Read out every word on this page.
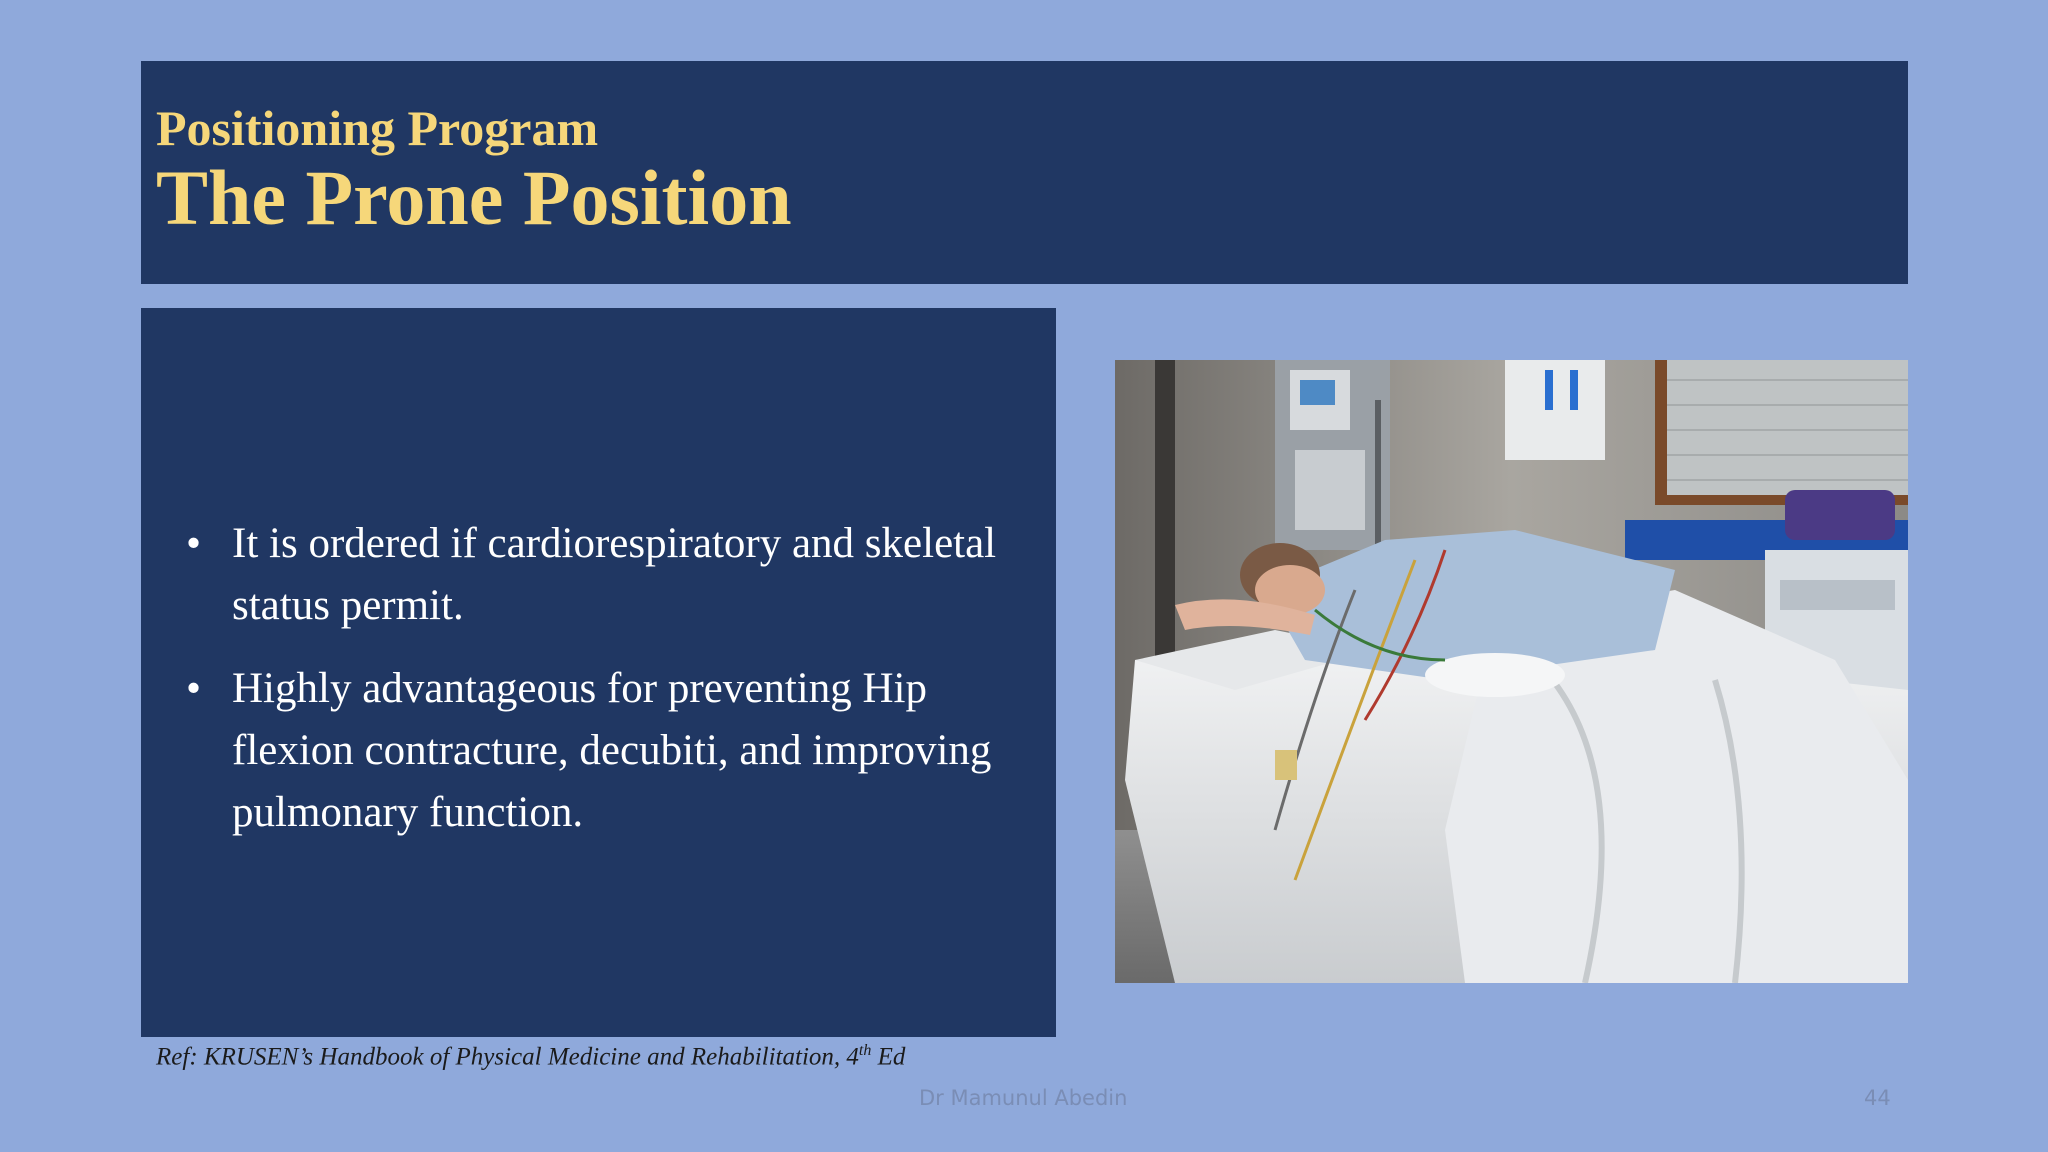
Positioning Program
The Prone Position
• It is ordered if cardiorespiratory and skeletal status permit.
• Highly advantageous for preventing Hip flexion contracture, decubiti, and improving pulmonary function.
Ref: KRUSEN’s Handbook of Physical Medicine and Rehabilitation, 4th Ed
Dr Mamunul Abedin	44
